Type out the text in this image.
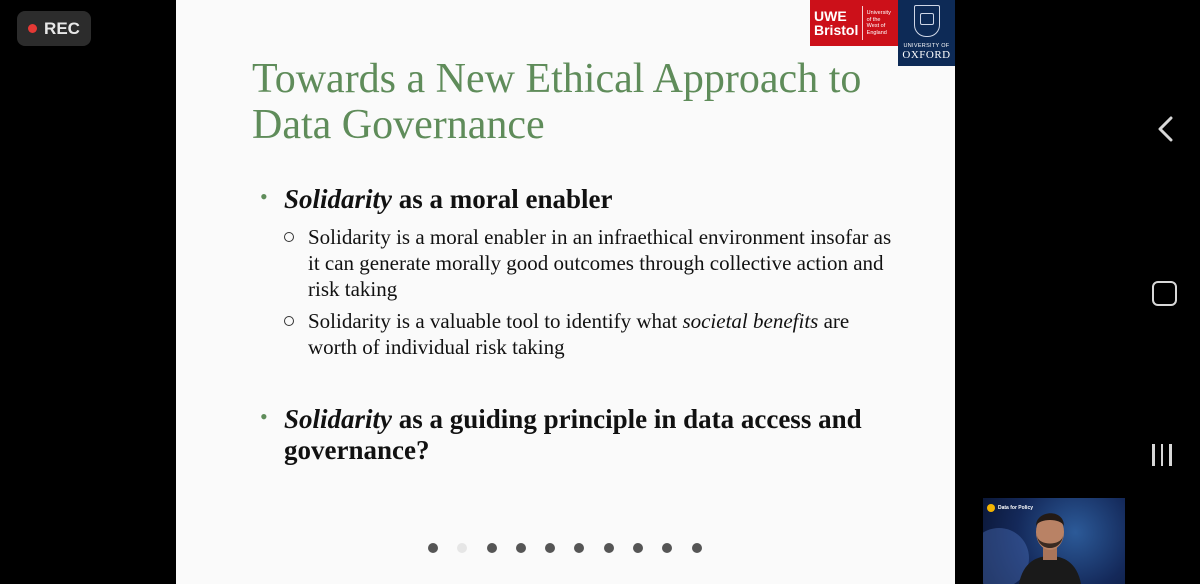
REC
UWE Bristol
University of the West of England
UNIVERSITY OF
OXFORD
Towards a New Ethical Approach to Data Governance
• Solidarity as a moral enabler
Solidarity is a moral enabler in an infraethical environment insofar as it can generate morally good outcomes through collective action and risk taking
Solidarity is a valuable tool to identify what societal benefits are worth of individual risk taking
• Solidarity as a guiding principle in data access and governance?
Data for Policy
